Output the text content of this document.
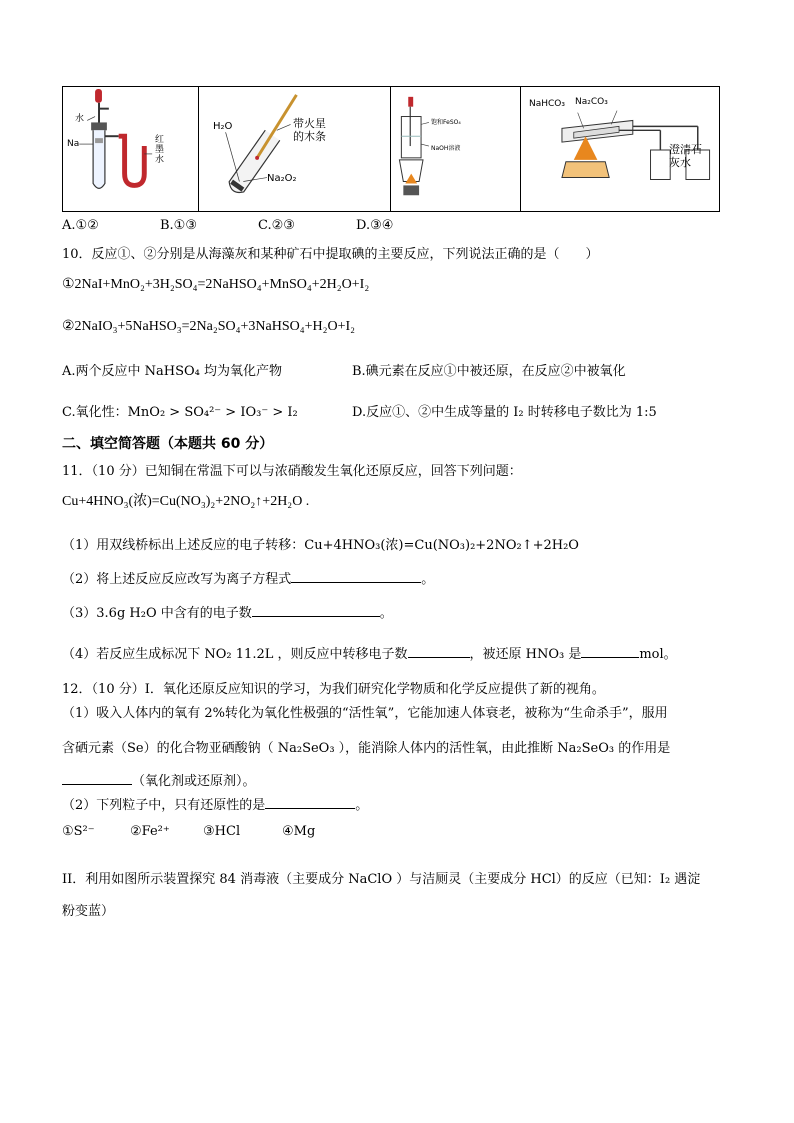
水
Na	红墨水
H₂O	带火星的木条
Na₂O₂
饱和FeSO₄
NaOH溶液
NaHCO₃ Na₂CO₃
澄清石灰水
A.①②	B.①③	C.②③	D.③④
10．反应①、②分别是从海藻灰和某种矿石中提取碘的主要反应，下列说法正确的是（　　）
①2NaI+MnO₂+3H₂SO₄=2NaHSO₄+MnSO₄+2H₂O+I₂
②2NaIO₃+5NaHSO₃=2Na₂SO₄+3NaHSO₄+H₂O+I₂
A.两个反应中 NaHSO₄ 均为氧化产物	B.碘元素在反应①中被还原，在反应②中被氧化
C.氧化性：MnO₂ > SO₄²⁻ > IO₃⁻ > I₂	D.反应①、②中生成等量的 I₂ 时转移电子数比为 1:5
二、填空简答题（本题共 60 分）
11．（10 分）已知铜在常温下可以与浓硝酸发生氧化还原反应，回答下列问题：
Cu+4HNO₃(浓)=Cu(NO₃)₂+2NO₂↑+2H₂O .
（1）用双线桥标出上述反应的电子转移：Cu+4HNO₃(浓)=Cu(NO₃)₂+2NO₂↑+2H₂O
（2）将上述反应反应改写为离子方程式	。
（3）3.6g H₂O 中含有的电子数	。
（4）若反应生成标况下 NO₂ 11.2L ，则反应中转移电子数	，被还原 HNO₃ 是	mol。
12．（10 分）I．氧化还原反应知识的学习，为我们研究化学物质和化学反应提供了新的视角。
（1）吸入人体内的氧有 2%转化为氧化性极强的“活性氧”，它能加速人体衰老，被称为“生命杀手”，服用
含硒元素（Se）的化合物亚硒酸钠（ Na₂SeO₃ ），能消除人体内的活性氧，由此推断 Na₂SeO₃ 的作用是
（氧化剂或还原剂）。
（2）下列粒子中，只有还原性的是	。
①S²⁻	②Fe²⁺	③HCl	④Mg
II．利用如图所示装置探究 84 消毒液（主要成分 NaClO ）与洁厕灵（主要成分 HCl）的反应（已知：I₂ 遇淀
粉变蓝）
